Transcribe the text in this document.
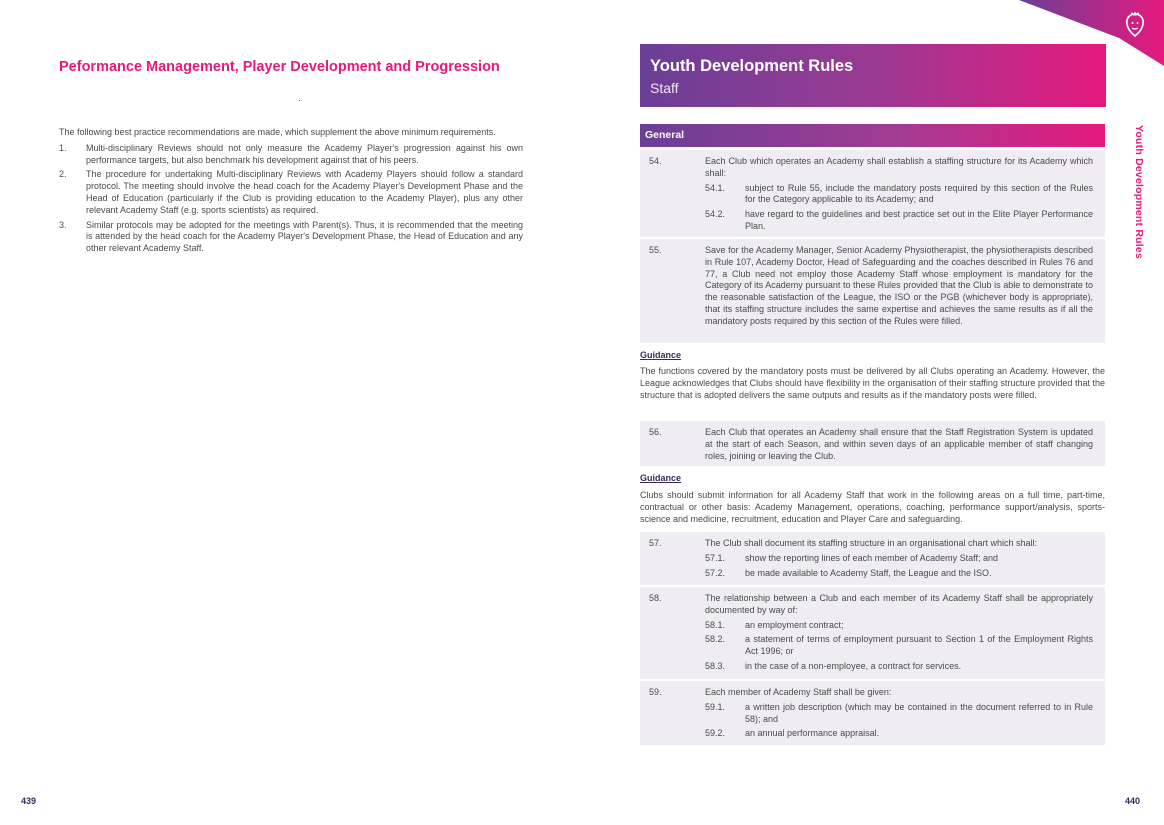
Peformance Management, Player Development and Progression

The following best practice recommendations are made, which supplement the above minimum requirements.

1.	Multi-disciplinary Reviews should not only measure the Academy Player's progression against his own performance targets, but also benchmark his development against that of his peers.
2.	The procedure for undertaking Multi-disciplinary Reviews with Academy Players should follow a standard protocol. The meeting should involve the head coach for the Academy Player's Development Phase and the Head of Education (particularly if the Club is providing education to the Academy Player), plus any other relevant Academy Staff (e.g. sports scientists) as required.
3.	Similar protocols may be adopted for the meetings with Parent(s). Thus, it is recommended that the meeting is attended by the head coach for the Academy Player's Development Phase, the Head of Education and any other relevant Academy Staff.
439
Youth Development Rules
Staff
Youth Development Rules
General
54.	Each Club which operates an Academy shall establish a staffing structure for its Academy which shall:
54.1.	subject to Rule 55, include the mandatory posts required by this section of the Rules for the Category applicable to its Academy; and
54.2.	have regard to the guidelines and best practice set out in the Elite Player Performance Plan.
55.	Save for the Academy Manager, Senior Academy Physiotherapist, the physiotherapists described in Rule 107, Academy Doctor, Head of Safeguarding and the coaches described in Rules 76 and 77, a Club need not employ those Academy Staff whose employment is mandatory for the Category of its Academy pursuant to these Rules provided that the Club is able to demonstrate to the reasonable satisfaction of the League, the ISO or the PGB (whichever body is appropriate), that its staffing structure includes the same expertise and achieves the same results as if all the mandatory posts required by this section of the Rules were filled.
Guidance
The functions covered by the mandatory posts must be delivered by all Clubs operating an Academy. However, the League acknowledges that Clubs should have flexibility in the organisation of their staffing structure provided that the structure that is adopted delivers the same outputs and results as if the mandatory posts were filled.
56.	Each Club that operates an Academy shall ensure that the Staff Registration System is updated at the start of each Season, and within seven days of an applicable member of staff changing roles, joining or leaving the Club.
Guidance
Clubs should submit information for all Academy Staff that work in the following areas on a full time, part-time, contractual or other basis: Academy Management, operations, coaching, performance support/analysis, sports-science and medicine, recruitment, education and Player Care and safeguarding.
57.	The Club shall document its staffing structure in an organisational chart which shall:
57.1.	show the reporting lines of each member of Academy Staff; and
57.2.	be made available to Academy Staff, the League and the ISO.
58.	The relationship between a Club and each member of its Academy Staff shall be appropriately documented by way of:
58.1.	an employment contract;
58.2.	a statement of terms of employment pursuant to Section 1 of the Employment Rights Act 1996; or
58.3.	in the case of a non-employee, a contract for services.
59.	Each member of Academy Staff shall be given:
59.1.	a written job description (which may be contained in the document referred to in Rule 58); and
59.2.	an annual performance appraisal.
440
